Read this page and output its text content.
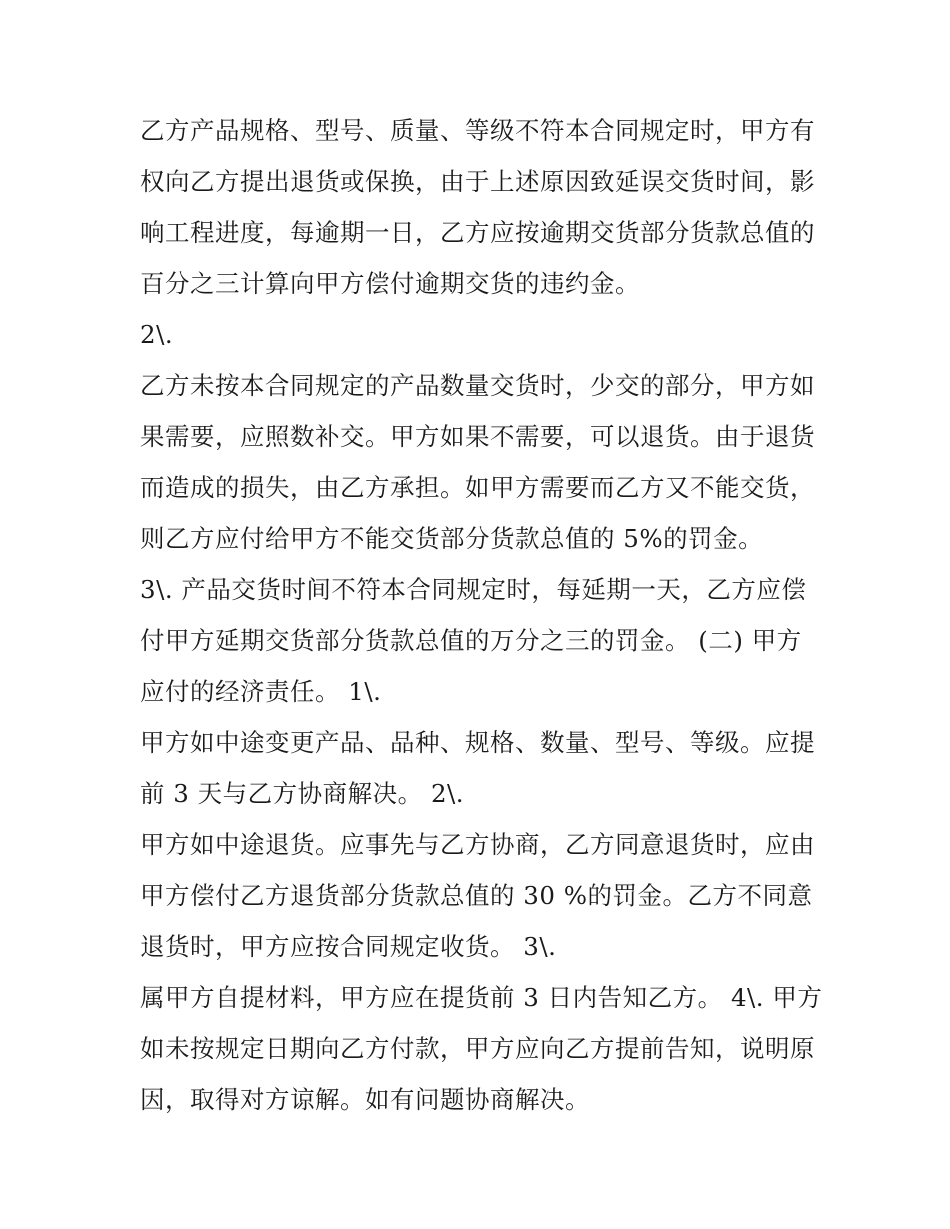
乙方产品规格、型号、质量、等级不符本合同规定时，甲方有
权向乙方提出退货或保换，由于上述原因致延误交货时间，影
响工程进度，每逾期一日，乙方应按逾期交货部分货款总值的
百分之三计算向甲方偿付逾期交货的违约金。
2\.
乙方未按本合同规定的产品数量交货时，少交的部分，甲方如
果需要，应照数补交。甲方如果不需要，可以退货。由于退货
而造成的损失，由乙方承担。如甲方需要而乙方又不能交货，
则乙方应付给甲方不能交货部分货款总值的 5%的罚金。
3\. 产品交货时间不符本合同规定时，每延期一天，乙方应偿
付甲方延期交货部分货款总值的万分之三的罚金。 (二) 甲方
应付的经济责任。 1\.
甲方如中途变更产品、品种、规格、数量、型号、等级。应提
前 3 天与乙方协商解决。 2\.
甲方如中途退货。应事先与乙方协商，乙方同意退货时，应由
甲方偿付乙方退货部分货款总值的 30 %的罚金。乙方不同意
退货时，甲方应按合同规定收货。 3\.
属甲方自提材料，甲方应在提货前 3 日内告知乙方。 4\. 甲方
如未按规定日期向乙方付款，甲方应向乙方提前告知，说明原
因，取得对方谅解。如有问题协商解决。
